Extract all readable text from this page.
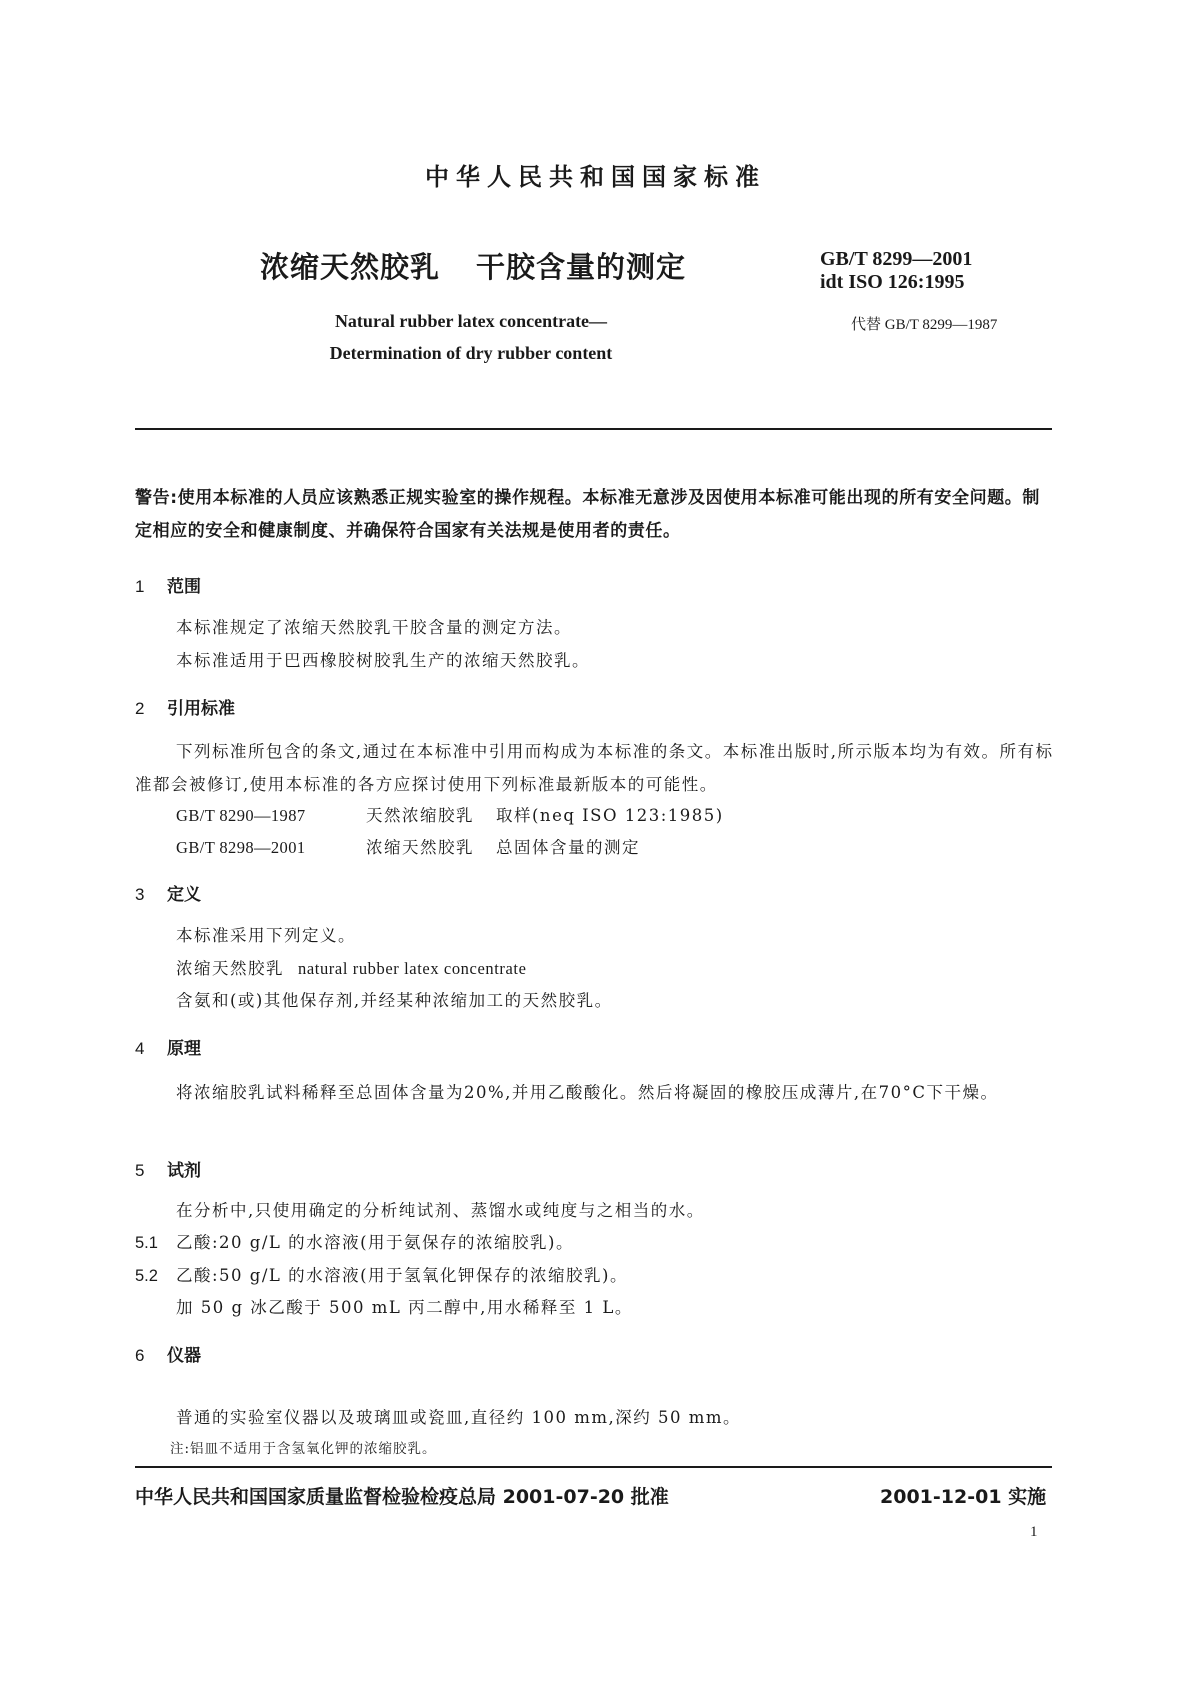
中华人民共和国国家标准
浓缩天然胶乳 干胶含量的测定	GB/T 8299—2001
idt ISO 126:1995
Natural rubber latex concentrate—
Determination of dry rubber content
代替 GB/T 8299—1987
警告:使用本标准的人员应该熟悉正规实验室的操作规程。本标准无意涉及因使用本标准可能出现的所有安全问题。制定相应的安全和健康制度、并确保符合国家有关法规是使用者的责任。
1 范围
本标准规定了浓缩天然胶乳干胶含量的测定方法。
本标准适用于巴西橡胶树胶乳生产的浓缩天然胶乳。
2 引用标准
下列标准所包含的条文,通过在本标准中引用而构成为本标准的条文。本标准出版时,所示版本均为有效。所有标准都会被修订,使用本标准的各方应探讨使用下列标准最新版本的可能性。
GB/T 8290—1987	天然浓缩胶乳 取样(neq ISO 123:1985)
GB/T 8298—2001	浓缩天然胶乳 总固体含量的测定
3 定义
本标准采用下列定义。
浓缩天然胶乳 natural rubber latex concentrate
含氨和(或)其他保存剂,并经某种浓缩加工的天然胶乳。
4 原理
将浓缩胶乳试料稀释至总固体含量为20%,并用乙酸酸化。然后将凝固的橡胶压成薄片,在70°C下干燥。
5 试剂
在分析中,只使用确定的分析纯试剂、蒸馏水或纯度与之相当的水。
5.1 乙酸:20 g/L 的水溶液(用于氨保存的浓缩胶乳)。
5.2 乙酸:50 g/L 的水溶液(用于氢氧化钾保存的浓缩胶乳)。
加 50 g 冰乙酸于 500 mL 丙二醇中,用水稀释至 1 L。
6 仪器
普通的实验室仪器以及玻璃皿或瓷皿,直径约 100 mm,深约 50 mm。
注:铝皿不适用于含氢氧化钾的浓缩胶乳。
中华人民共和国国家质量监督检验检疫总局 2001-07-20 批准	2001-12-01 实施
1
